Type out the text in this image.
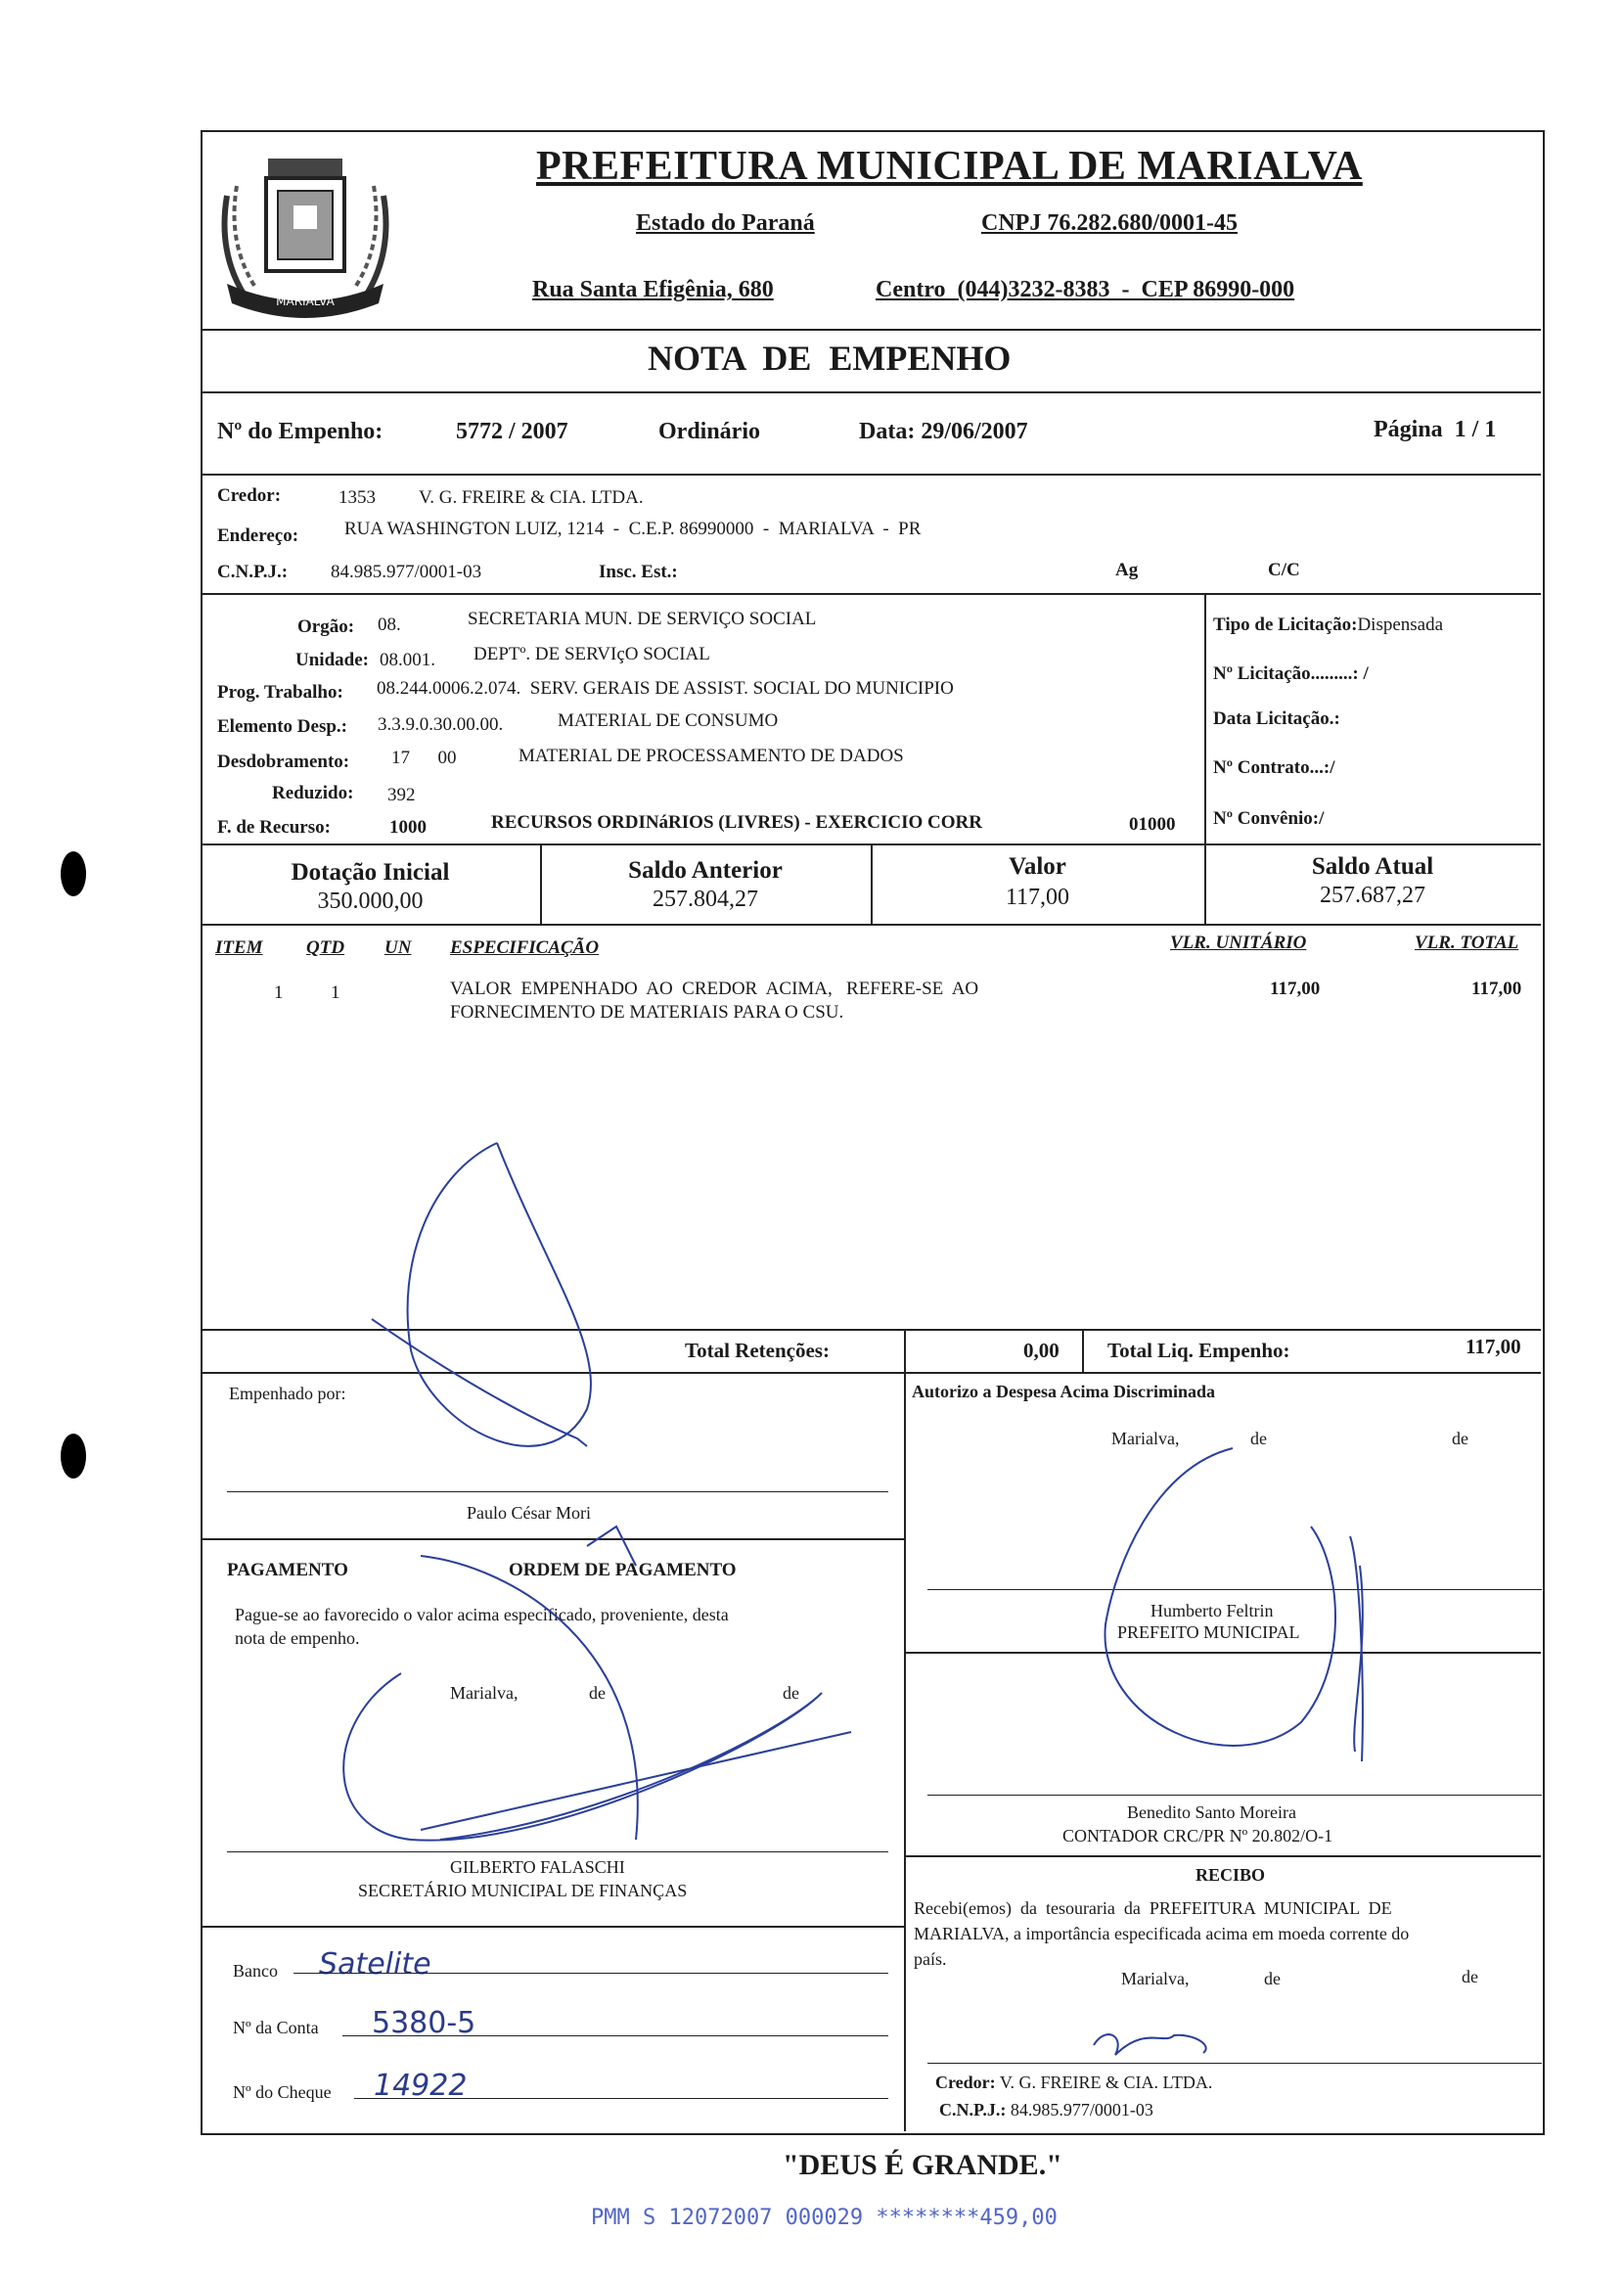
MARIALVA
PREFEITURA MUNICIPAL DE MARIALVA
Estado do Paraná	CNPJ 76.282.680/0001-45
Rua Santa Efigênia, 680	Centro  (044)3232-8383  -  CEP 86990-000
NOTA  DE  EMPENHO
Nº do Empenho:	5772 / 2007	Ordinário	Data: 29/06/2007	Página  1 / 1
Credor:	1353 V. G. FREIRE & CIA. LTDA.
Endereço: RUA WASHINGTON LUIZ, 1214  -  C.E.P. 86990000  -  MARIALVA  -  PR
C.N.P.J.: 84.985.977/0001-03	Insc. Est.:	Ag	C/C
Orgão: 08.	SECRETARIA MUN. DE SERVIÇO SOCIAL
Unidade: 08.001. DEPTº. DE SERVIçO SOCIAL
Prog. Trabalho: 08.244.0006.2.074.  SERV. GERAIS DE ASSIST. SOCIAL DO MUNICIPIO
Elemento Desp.: 3.3.9.0.30.00.00.	MATERIAL DE CONSUMO
Desdobramento: 17      00	MATERIAL DE PROCESSAMENTO DE DADOS
Reduzido: 392
F. de Recurso:	1000	RECURSOS ORDINáRIOS (LIVRES) - EXERCICIO CORR	01000
Tipo de Licitação:Dispensada
Nº Licitação.........: /
Data Licitação.:
Nº Contrato...:/
Nº Convênio:/
Dotação Inicial
350.000,00
Saldo Anterior
257.804,27
Valor
117,00
Saldo Atual
257.687,27
ITEM QTD UN ESPECIFICAÇÃO	VLR. UNITÁRIO	VLR. TOTAL
1	1	VALOR  EMPENHADO  AO  CREDOR  ACIMA,   REFERE-SE  AO
FORNECIMENTO DE MATERIAIS PARA O CSU.
117,00	117,00
Total Retenções:	0,00 Total Liq. Empenho:	117,00
Empenhado por:
Paulo César Mori
PAGAMENTO	ORDEM DE PAGAMENTO
Pague-se ao favorecido o valor acima especificado, proveniente, desta
nota de empenho.
Marialva,	de	de
GILBERTO FALASCHI
SECRETÁRIO MUNICIPAL DE FINANÇAS
Banco Satelite
Nº da Conta 5380-5
Nº do Cheque 14922
Autorizo a Despesa Acima Discriminada
Marialva,	de	de
Humberto Feltrin
PREFEITO MUNICIPAL
Benedito Santo Moreira
CONTADOR CRC/PR Nº 20.802/O-1
RECIBO
Recebi(emos)  da  tesouraria  da  PREFEITURA  MUNICIPAL  DE
MARIALVA, a importância especificada acima em moeda corrente do
país.
Marialva,	de	de
Credor: V. G. FREIRE & CIA. LTDA.
C.N.P.J.: 84.985.977/0001-03
"DEUS É GRANDE."
PMM S 12072007 000029 ********459,00
